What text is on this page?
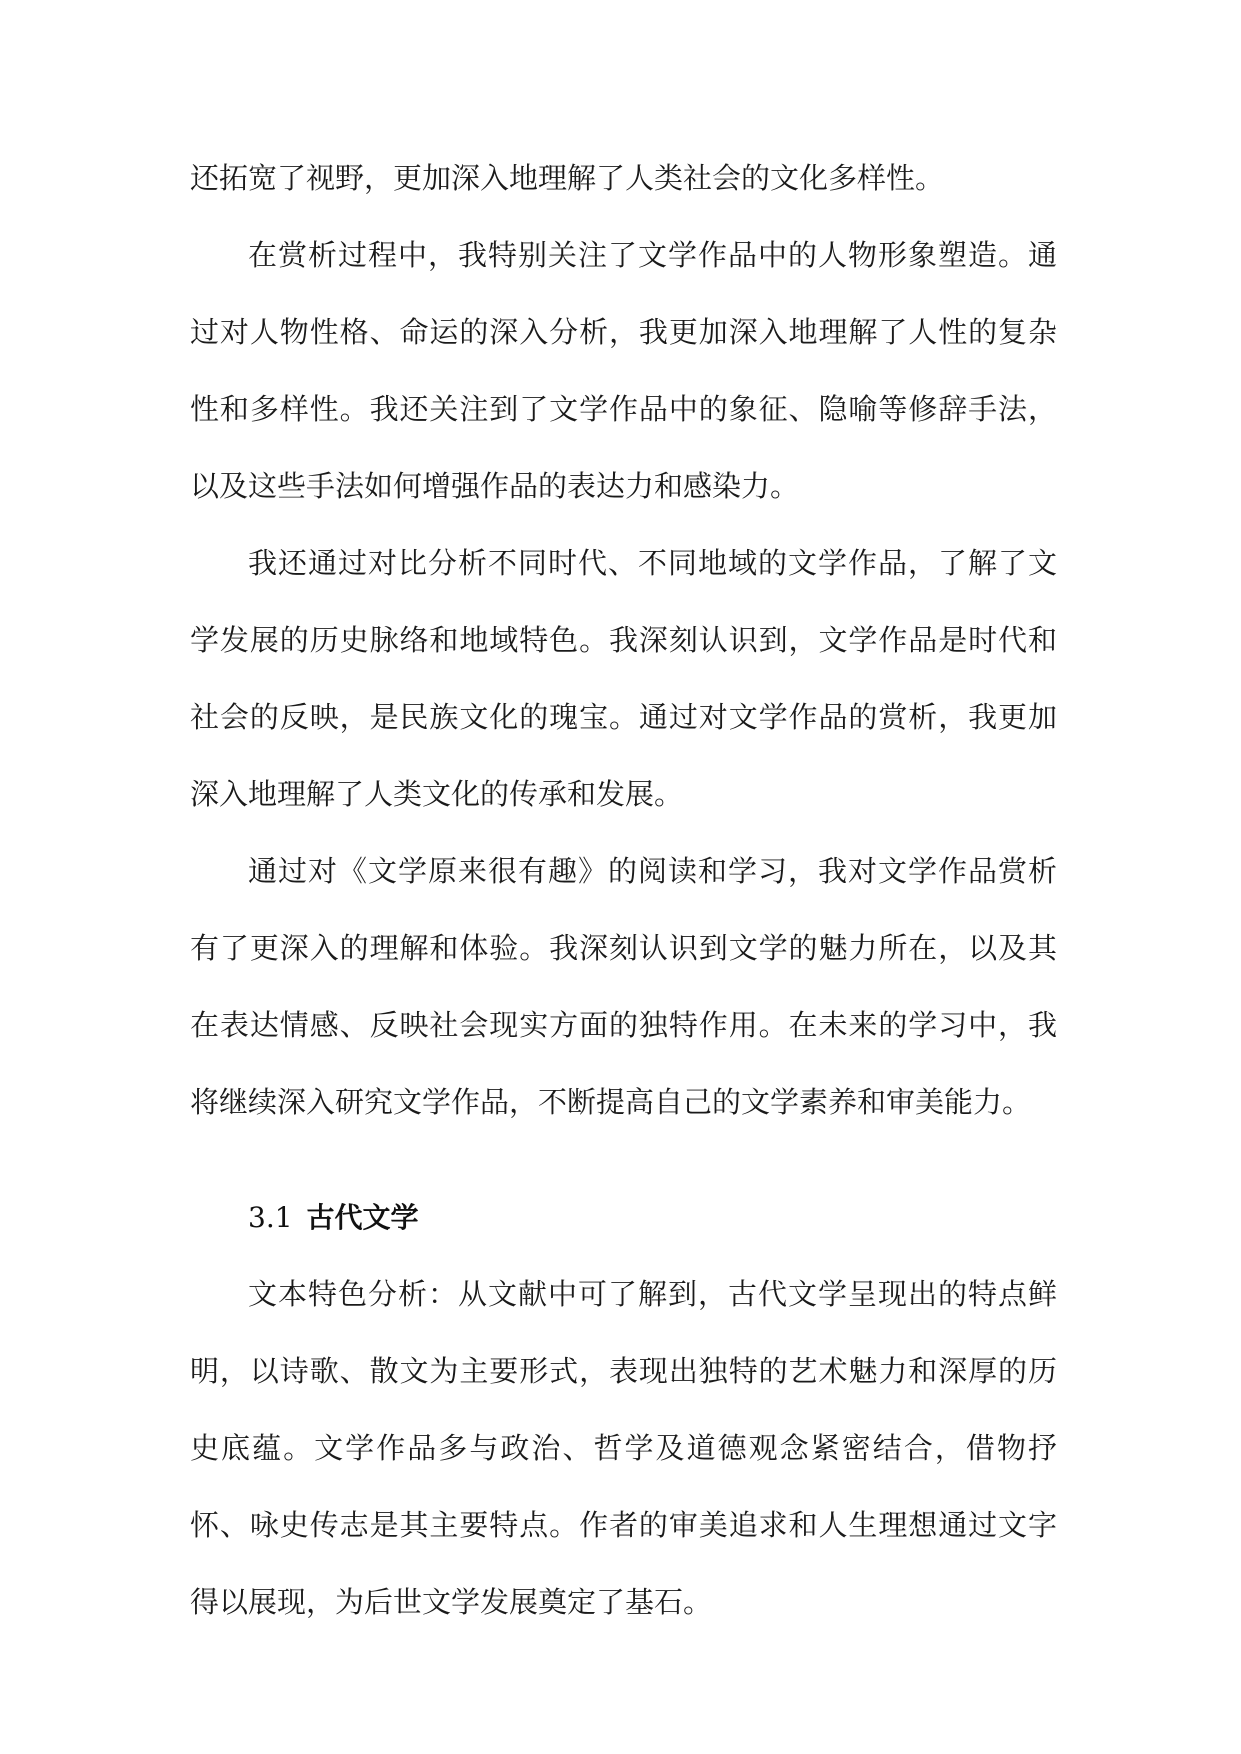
还拓宽了视野，更加深入地理解了人类社会的文化多样性。

在赏析过程中，我特别关注了文学作品中的人物形象塑造。通过对人物性格、命运的深入分析，我更加深入地理解了人性的复杂性和多样性。我还关注到了文学作品中的象征、隐喻等修辞手法，以及这些手法如何增强作品的表达力和感染力。

我还通过对比分析不同时代、不同地域的文学作品，了解了文学发展的历史脉络和地域特色。我深刻认识到，文学作品是时代和社会的反映，是民族文化的瑰宝。通过对文学作品的赏析，我更加深入地理解了人类文化的传承和发展。

通过对《文学原来很有趣》的阅读和学习，我对文学作品赏析有了更深入的理解和体验。我深刻认识到文学的魅力所在，以及其在表达情感、反映社会现实方面的独特作用。在未来的学习中，我将继续深入研究文学作品，不断提高自己的文学素养和审美能力。

3.1 古代文学

文本特色分析：从文献中可了解到，古代文学呈现出的特点鲜明，以诗歌、散文为主要形式，表现出独特的艺术魅力和深厚的历史底蕴。文学作品多与政治、哲学及道德观念紧密结合，借物抒怀、咏史传志是其主要特点。作者的审美追求和人生理想通过文字得以展现，为后世文学发展奠定了基石。
